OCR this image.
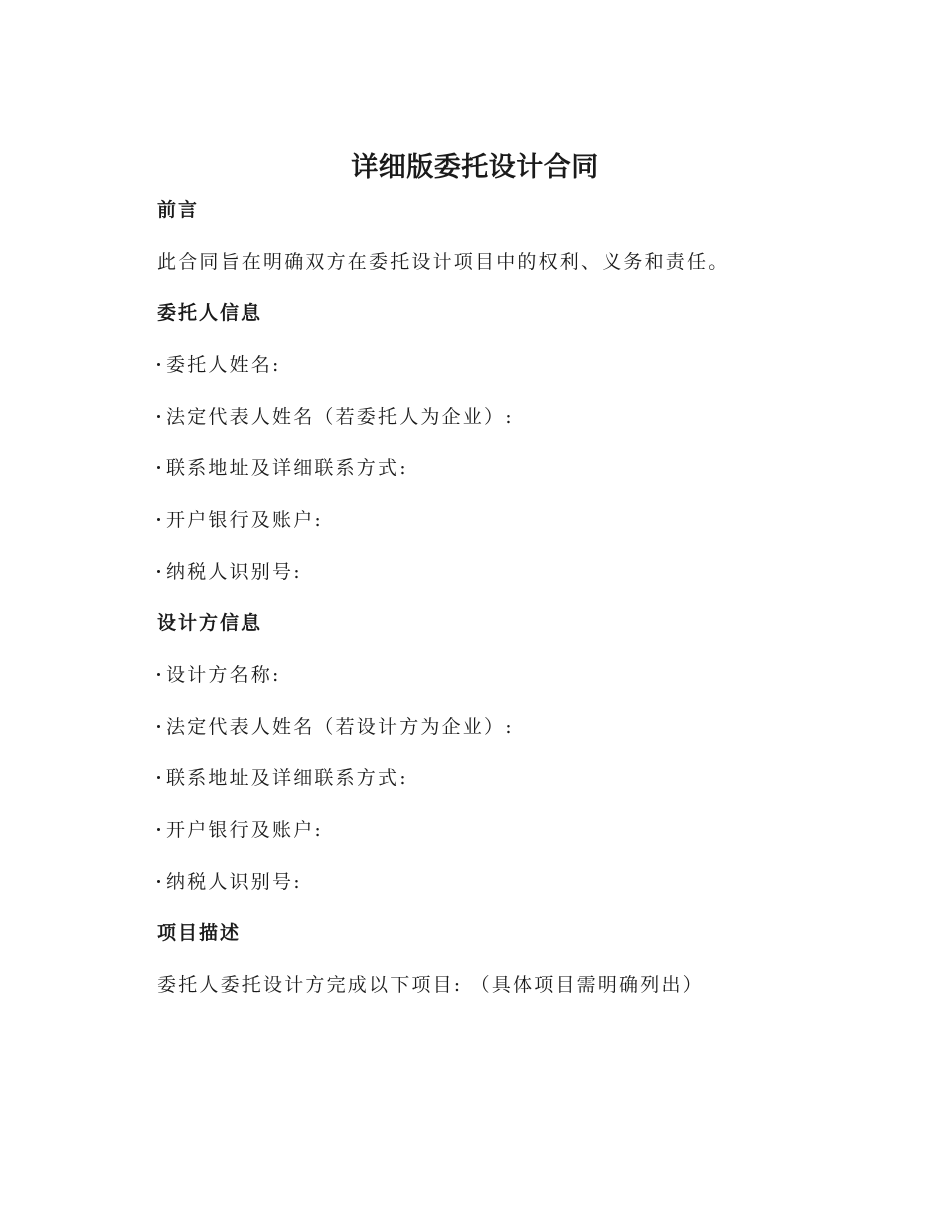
详细版委托设计合同
前言
此合同旨在明确双方在委托设计项目中的权利、义务和责任。
委托人信息
委托人姓名:
法定代表人姓名（若委托人为企业）:
联系地址及详细联系方式:
开户银行及账户:
纳税人识别号:
设计方信息
设计方名称:
法定代表人姓名（若设计方为企业）:
联系地址及详细联系方式:
开户银行及账户:
纳税人识别号:
项目描述
委托人委托设计方完成以下项目: （具体项目需明确列出）
